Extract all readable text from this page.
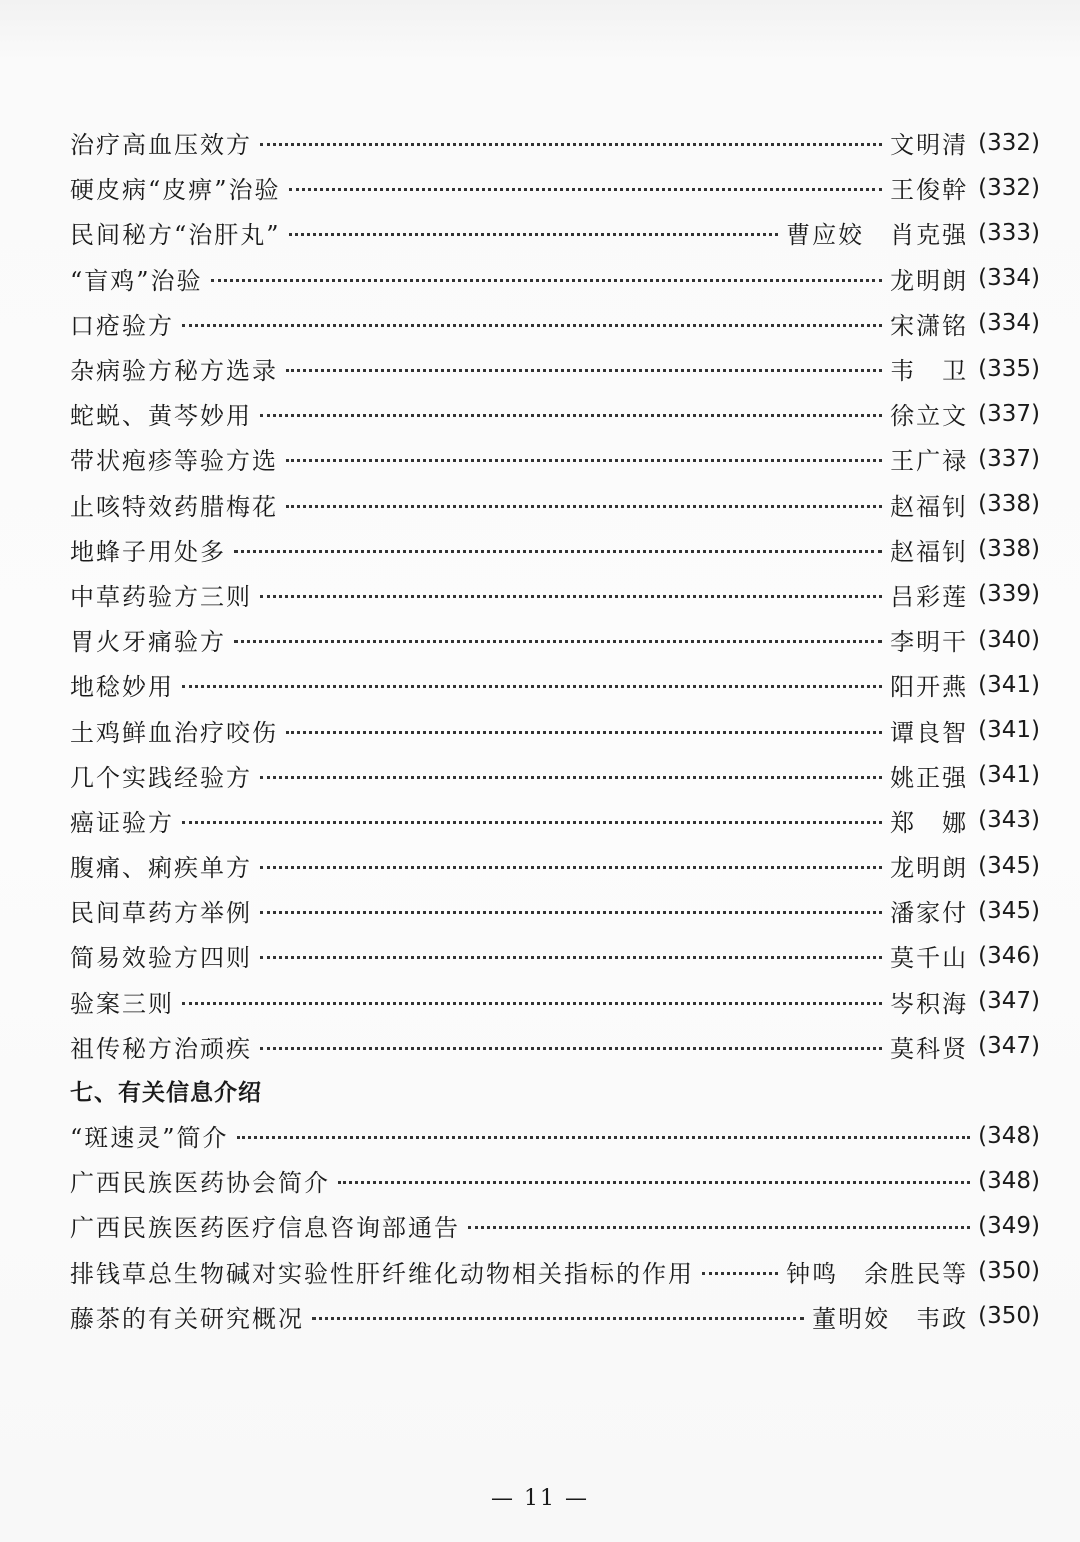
治疗高血压效方	文明清 (332)
硬皮病“皮痹”治验	王俊幹 (332)
民间秘方“治肝丸”	曹应姣　肖克强 (333)
“盲鸡”治验	龙明朗 (334)
口疮验方	宋潇铭 (334)
杂病验方秘方选录	韦　卫 (335)
蛇蜕、黄芩妙用	徐立文 (337)
带状疱疹等验方选	王广禄 (337)
止咳特效药腊梅花	赵福钊 (338)
地蜂子用处多	赵福钊 (338)
中草药验方三则	吕彩莲 (339)
胃火牙痛验方	李明干 (340)
地稔妙用	阳开燕 (341)
土鸡鲜血治疗咬伤	谭良智 (341)
几个实践经验方	姚正强 (341)
癌证验方	郑　娜 (343)
腹痛、痢疾单方	龙明朗 (345)
民间草药方举例	潘家付 (345)
简易效验方四则	莫千山 (346)
验案三则	岑积海 (347)
祖传秘方治顽疾	莫科贤 (347)
七、有关信息介绍
“斑速灵”简介	(348)
广西民族医药协会简介	(348)
广西民族医药医疗信息咨询部通告	(349)
排钱草总生物碱对实验性肝纤维化动物相关指标的作用	钟鸣　余胜民等 (350)
藤茶的有关研究概况	董明姣　韦政 (350)
— 11 —
